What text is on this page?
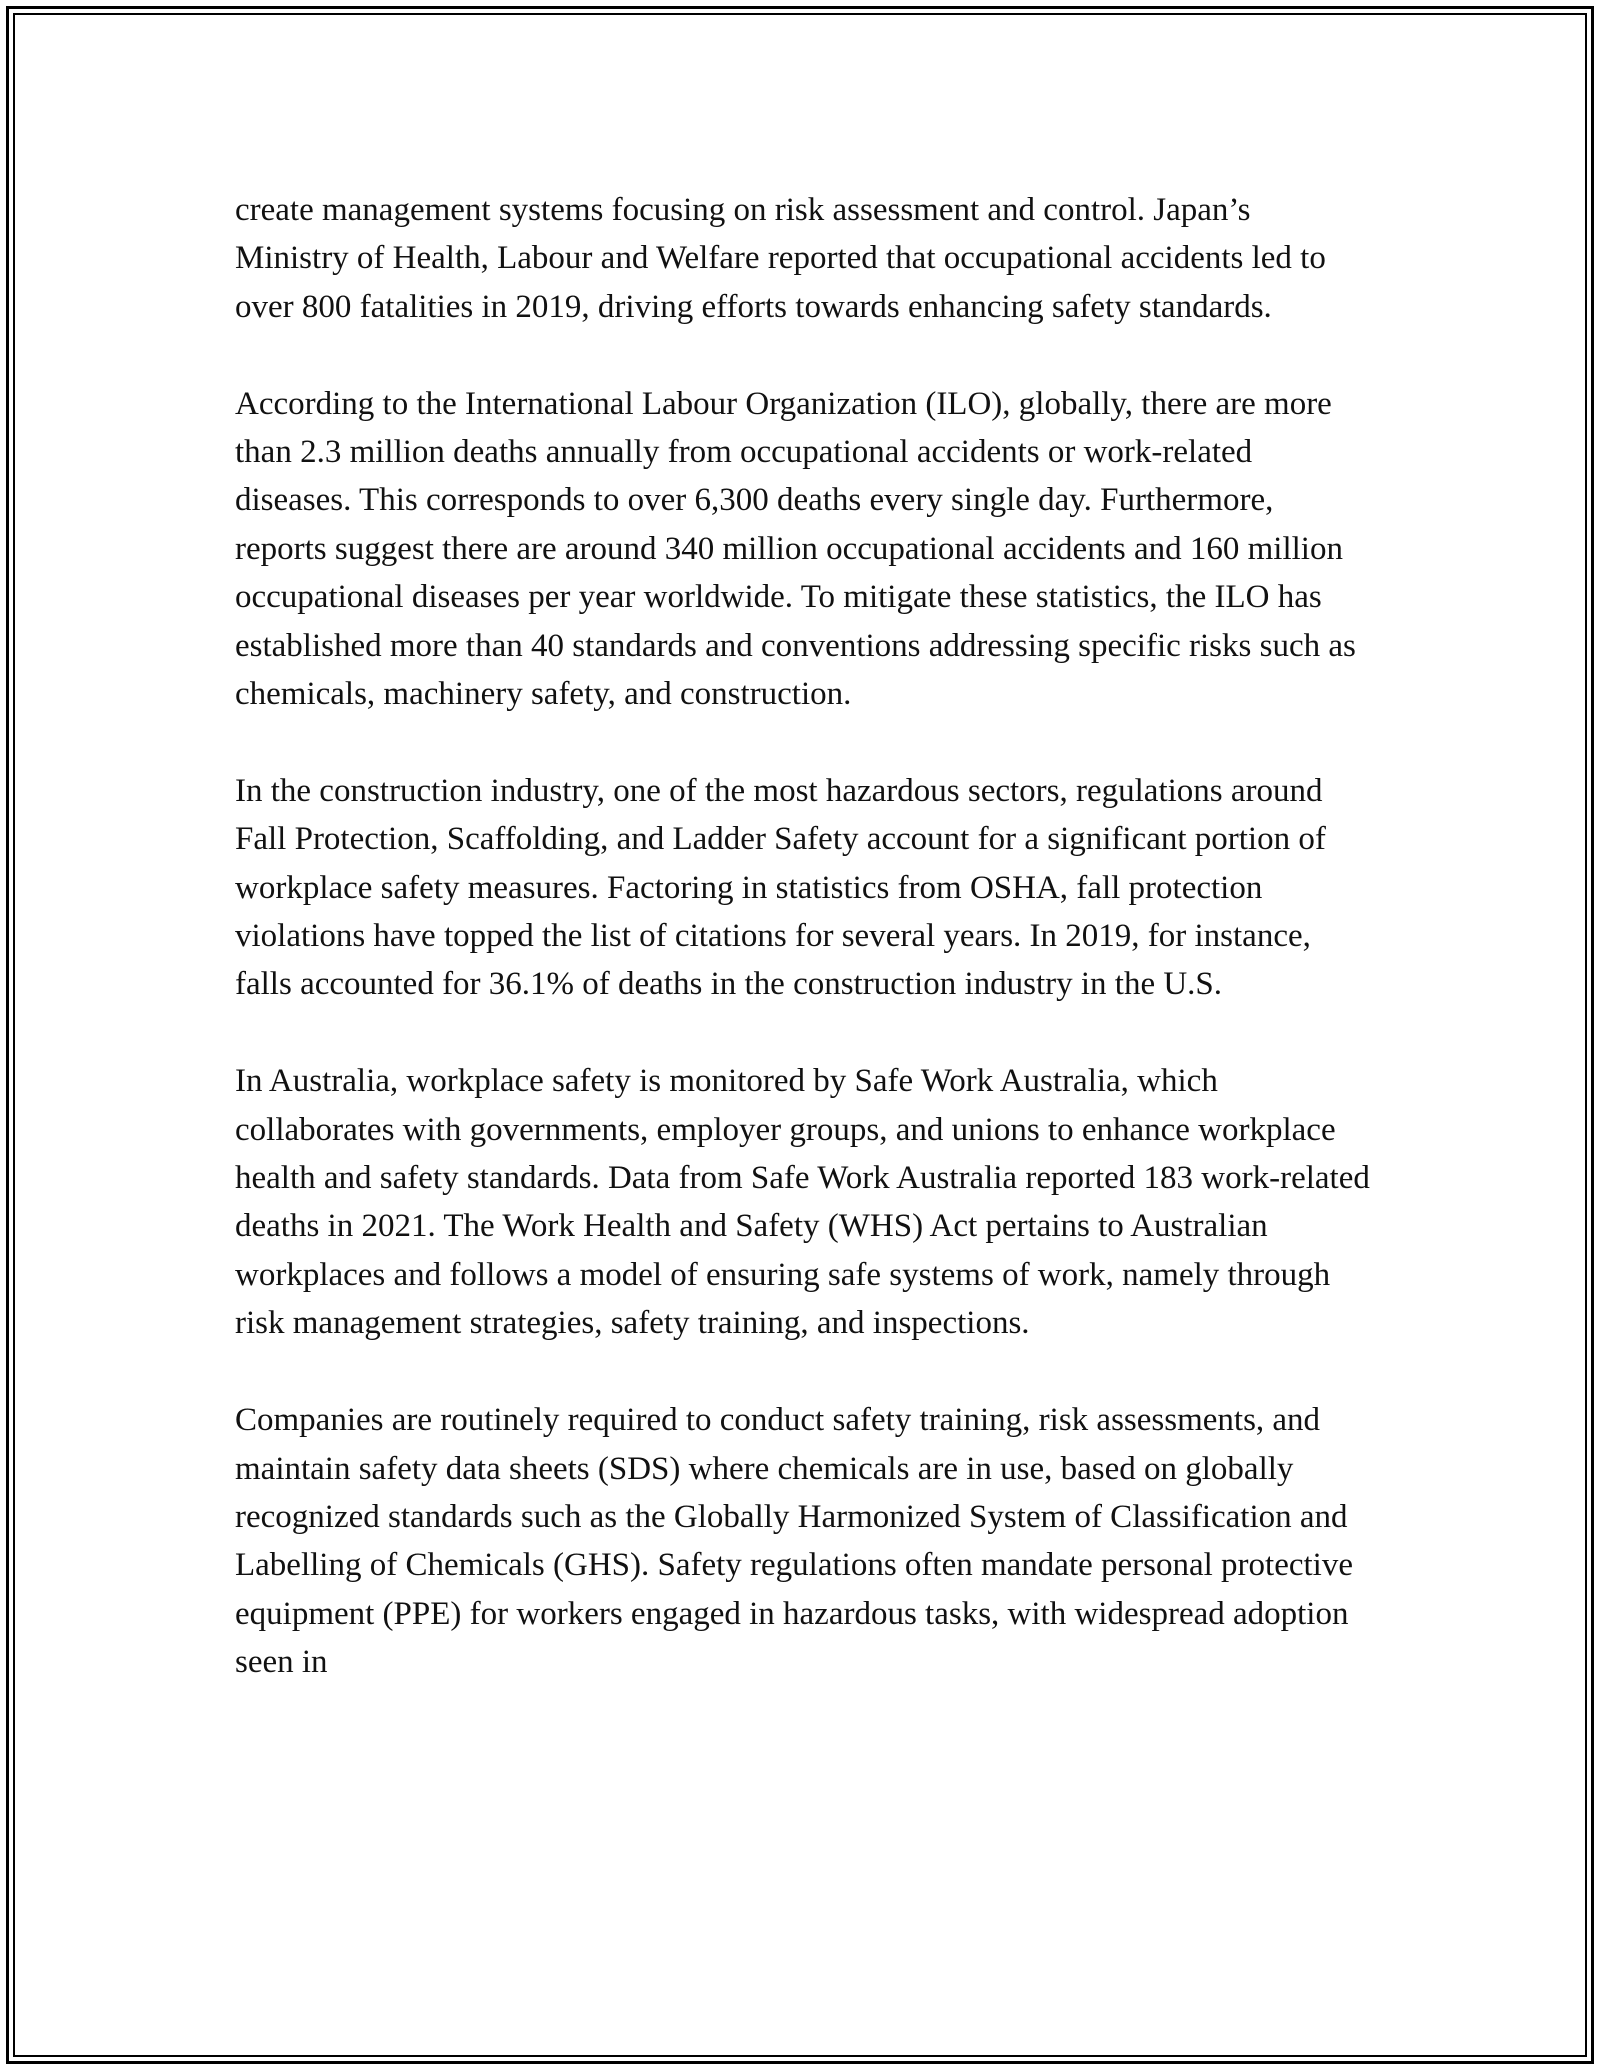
create management systems focusing on risk assessment and control. Japan’s Ministry of Health, Labour and Welfare reported that occupational accidents led to over 800 fatalities in 2019, driving efforts towards enhancing safety standards.

According to the International Labour Organization (ILO), globally, there are more than 2.3 million deaths annually from occupational accidents or work-related diseases. This corresponds to over 6,300 deaths every single day. Furthermore, reports suggest there are around 340 million occupational accidents and 160 million occupational diseases per year worldwide. To mitigate these statistics, the ILO has established more than 40 standards and conventions addressing specific risks such as chemicals, machinery safety, and construction.

In the construction industry, one of the most hazardous sectors, regulations around Fall Protection, Scaffolding, and Ladder Safety account for a significant portion of workplace safety measures. Factoring in statistics from OSHA, fall protection violations have topped the list of citations for several years. In 2019, for instance, falls accounted for 36.1% of deaths in the construction industry in the U.S.

In Australia, workplace safety is monitored by Safe Work Australia, which collaborates with governments, employer groups, and unions to enhance workplace health and safety standards. Data from Safe Work Australia reported 183 work-related deaths in 2021. The Work Health and Safety (WHS) Act pertains to Australian workplaces and follows a model of ensuring safe systems of work, namely through risk management strategies, safety training, and inspections.

Companies are routinely required to conduct safety training, risk assessments, and maintain safety data sheets (SDS) where chemicals are in use, based on globally recognized standards such as the Globally Harmonized System of Classification and Labelling of Chemicals (GHS). Safety regulations often mandate personal protective equipment (PPE) for workers engaged in hazardous tasks, with widespread adoption seen in
